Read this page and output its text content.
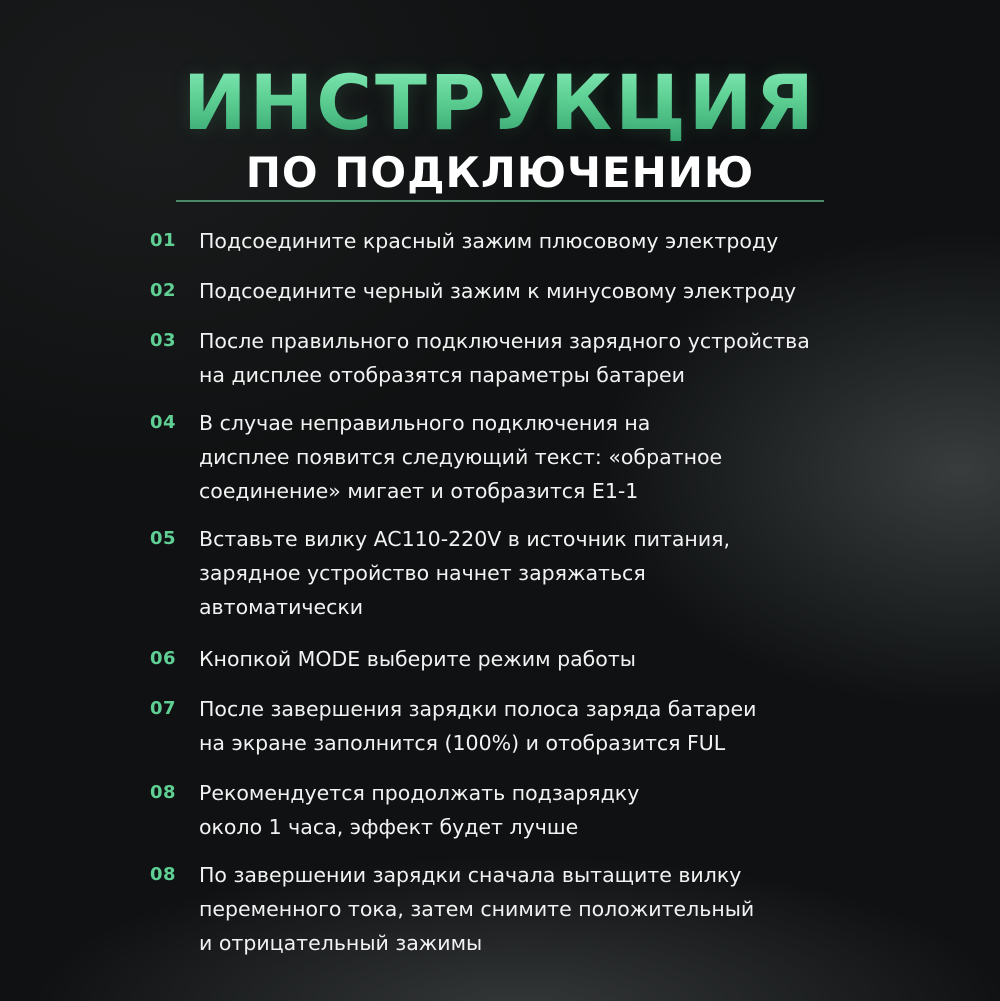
ИНСТРУКЦИЯ
ПО ПОДКЛЮЧЕНИЮ
01 Подсоедините красный зажим плюсовому электроду
02 Подсоедините черный зажим к минусовому электроду
03 После правильного подключения зарядного устройства
на дисплее отобразятся параметры батареи
04 В случае неправильного подключения на
дисплее появится следующий текст: «обратное
соединение» мигает и отобразится E1-1
05 Вставьте вилку AC110-220V в источник питания,
зарядное устройство начнет заряжаться
автоматически
06 Кнопкой MODE выберите режим работы
07 После завершения зарядки полоса заряда батареи
на экране заполнится (100%) и отобразится FUL
08 Рекомендуется продолжать подзарядку
около 1 часа, эффект будет лучше
08 По завершении зарядки сначала вытащите вилку
переменного тока, затем снимите положительный
и отрицательный зажимы
